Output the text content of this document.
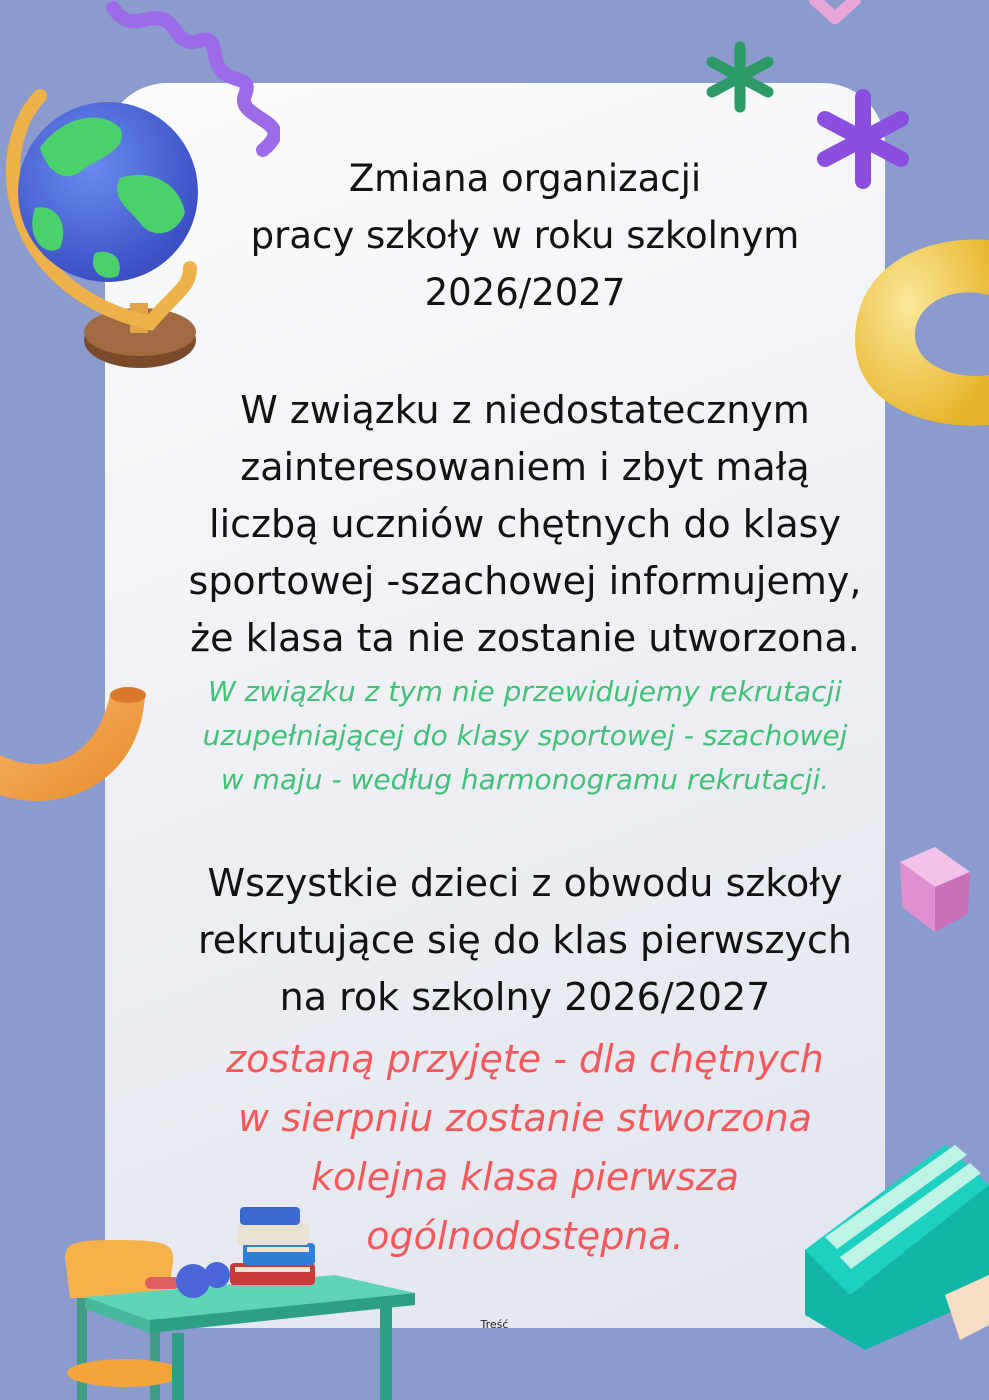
Zmiana organizacji
pracy szkoły w roku szkolnym
2026/2027
W związku z niedostatecznym
zainteresowaniem i zbyt małą
liczbą uczniów chętnych do klasy
sportowej -szachowej informujemy,
że klasa ta nie zostanie utworzona.
W związku z tym nie przewidujemy rekrutacji
uzupełniającej do klasy sportowej - szachowej
w maju - według harmonogramu rekrutacji.
Wszystkie dzieci z obwodu szkoły
rekrutujące się do klas pierwszych
na rok szkolny 2026/2027
zostaną przyjęte - dla chętnych
w sierpniu zostanie stworzona
kolejna klasa pierwsza
ogólnodostępna.
Treść
